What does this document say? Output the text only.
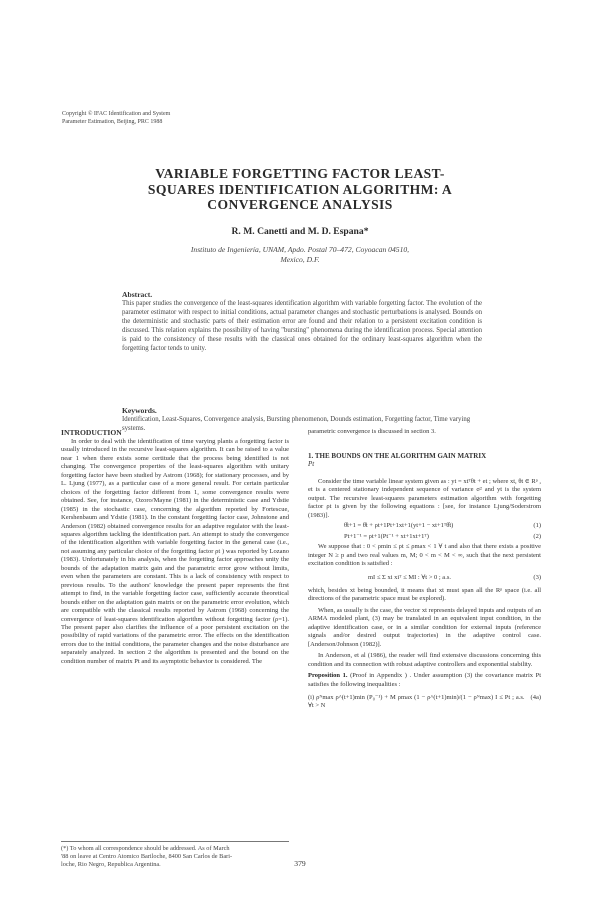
Copyright © IFAC Identification and System
Parameter Estimation, Beijing, PRC 1988
VARIABLE FORGETTING FACTOR LEAST-
SQUARES IDENTIFICATION ALGORITHM: A
CONVERGENCE ANALYSIS
R. M. Canetti and M. D. Espana*
Instituto de Ingeniería, UNAM, Apdo. Postal 70–472, Coyoacan 04510,
Mexico, D.F.
Abstract.
This paper studies the convergence of the least-squares identification algorithm with variable forgetting factor. The evolution of the parameter estimator with respect to initial conditions, actual parameter changes and stochastic perturbations is analysed. Bounds on the deterministic and stochastic parts of their estimation error are found and their relation to a persistent excitation condition is discussed. This relation explains the possibility of having "bursting" phenomena during the identification process. Special attention is paid to the consistency of these results with the classical ones obtained for the ordinary least-squares algorithm when the forgetting factor tends to unity.
Keywords.
Identification, Least-Squares, Convergence analysis, Bursting phenomenon, Dounds estimation, Forgetting factor, Time varying systems.
INTRODUCTION

In order to deal with the identification of time varying plants a forgetting factor is usually introduced in the recursive least-squares algorithm. It can be raised to a value near 1 when there exists some certitude that the process being identified is not changing. The convergence properties of the least-squares algorithm with unitary forgetting factor have been studied by Astrom (1968); for stationary processes, and by L. Ljung (1977), as a particular case of a more general result. For certain particular choices of the forgetting factor different from 1, some convergence results were obtained. See, for instance, Ozoro/Mayne (1981) in the deterministic case and Ydstie (1985) in the stochastic case, concerning the algorithm reported by Fortescue, Kershenbaum and Ydstie (1981). In the constant forgetting factor case, Johnstone and Anderson (1982) obtained convergence results for an adaptive regulator with the least-squares algorithm tackling the identification part. An attempt to study the convergence of the identification algorithm with variable forgetting factor in the general case (i.e., not assuming any particular choice of the forgetting factor ρt ) was reported by Lozano (1983). Unfortunately in his analysis, when the forgetting factor approaches unity the bounds of the adaptation matrix gain and the parametric error grow without limits, even when the parameters are constant. This is a lack of consistency with respect to previous results. To the authors' knowledge the present paper represents the first attempt to find, in the variable forgetting factor case, sufficiently accurate theoretical bounds either on the adaptation gain matrix or on the parametric error evolution, which are compatible with the classical results reported by Astrom (1968) concerning the convergence of least-squares identification algorithm without forgetting factor (ρ=1). The present paper also clarifies the influence of a poor persistent excitation on the possibility of rapid variations of the parametric error. The effects on the identification errors due to the initial conditions, the parameter changes and the noise disturbance are separately analyzed. In section 2 the algorithm is presented and the bound on the condition number of matrix Pt and its asymptotic behavior is considered. The

(*) To whom all correspondence should be addressed. As of March
'88 on leave at Centro Atomico Bariloche, 8400 San Carlos de Bari-
loche, Rio Negro, Republica Argentina.
parametric convergence is discussed in section 3.
1. THE BOUNDS ON THE ALGORITHM GAIN MATRIX
Pt

Consider the time variable linear system given as : yt = xtᵀθt + et ; where xt, θt ∈ Rᵖ , et is a centered stationary independent sequence of variance σ² and yt is the system output. The recursive least-squares parameters estimation algorithm with forgetting factor ρt is given by the following equations : [see, for instance Ljung/Soderstrom (1983)].

θ̂t+1 = θ̂t + ρt+1Pt+1xt+1(yt+1 − xt+1ᵀθ̂t)	(1)
Pt+1⁻¹ = ρt+1(Pt⁻¹ + xt+1xt+1ᵀ)	(2)

We suppose that : 0 < ρmin ≤ ρt ≤ ρmax < 1 ∀ t and also that there exists a positive integer N ≥ p and two real values m, M; 0 < m < M < ∞, such that the next persistent excitation condition is satisfied :

mI ≤ Σ xi xiᵀ ≤ MI : ∀t > 0 ; a.s.	(3)

which, besides xt being bounded, it means that xt must span all the Rᵖ space (i.e. all directions of the parametric space must be explored).

When, as usually is the case, the vector xt represents delayed inputs and outputs of an ARMA modeled plant, (3) may be translated in an equivalent input condition, in the adaptive identification case, or in a similar condition for external inputs (reference signals and/or desired output trajectories) in the adaptive control case. [Anderson/Johnson (1982)].

In Anderson, et al (1986), the reader will find extensive discussions concerning this condition and its connection with robust adaptive controllers and exponential stability.

Proposition 1. (Proof in Appendix ) . Under assumption (3) the covariance matrix Pt satisfies the following inequalities :

(i) ρᴺmax ρ^(t+1)min (P₀⁻¹) + M ρmax (1 − ρ^(t+1)min)/(1 − ρᴺmax) I ≤ Pt ; a.s. ∀t > N
(4a)
379
